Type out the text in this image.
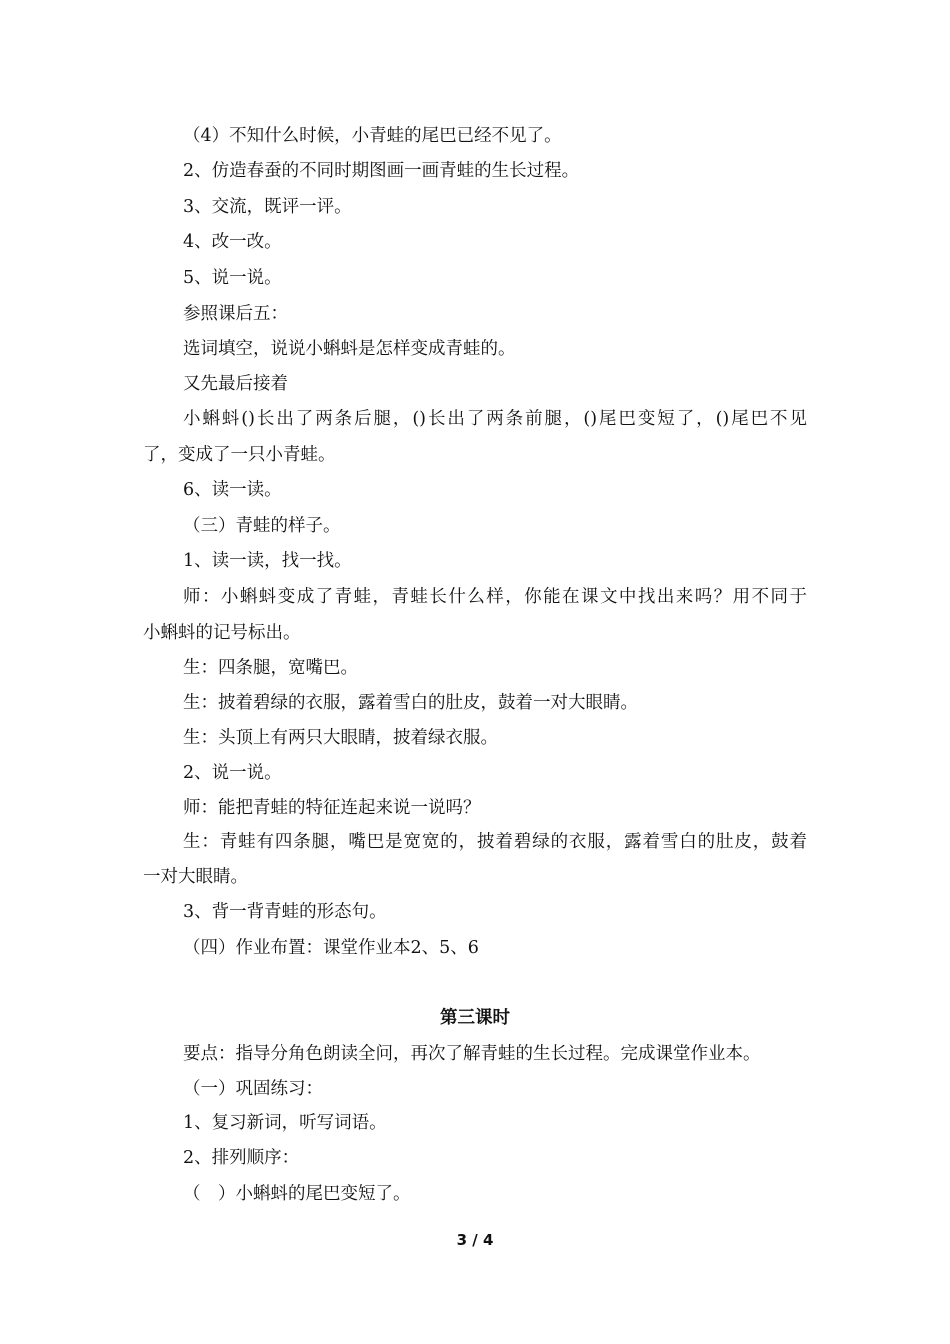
（4）不知什么时候，小青蛙的尾巴已经不见了。
2、仿造春蚕的不同时期图画一画青蛙的生长过程。
3、交流，既评一评。
4、改一改。
5、说一说。
参照课后五：
选词填空，说说小蝌蚪是怎样变成青蛙的。
又先最后接着
小蝌蚪()长出了两条后腿，()长出了两条前腿，()尾巴变短了，()尾巴不见
了，变成了一只小青蛙。
6、读一读。
（三）青蛙的样子。
1、读一读，找一找。
师：小蝌蚪变成了青蛙，青蛙长什么样，你能在课文中找出来吗？用不同于
小蝌蚪的记号标出。
生：四条腿，宽嘴巴。
生：披着碧绿的衣服，露着雪白的肚皮，鼓着一对大眼睛。
生：头顶上有两只大眼睛，披着绿衣服。
2、说一说。
师：能把青蛙的特征连起来说一说吗？
生：青蛙有四条腿，嘴巴是宽宽的，披着碧绿的衣服，露着雪白的肚皮，鼓着
一对大眼睛。
3、背一背青蛙的形态句。
（四）作业布置：课堂作业本2、5、6
第三课时
要点：指导分角色朗读全问，再次了解青蛙的生长过程。完成课堂作业本。
（一）巩固练习：
1、复习新词，听写词语。
2、排列顺序：
（　）小蝌蚪的尾巴变短了。
3 / 4
